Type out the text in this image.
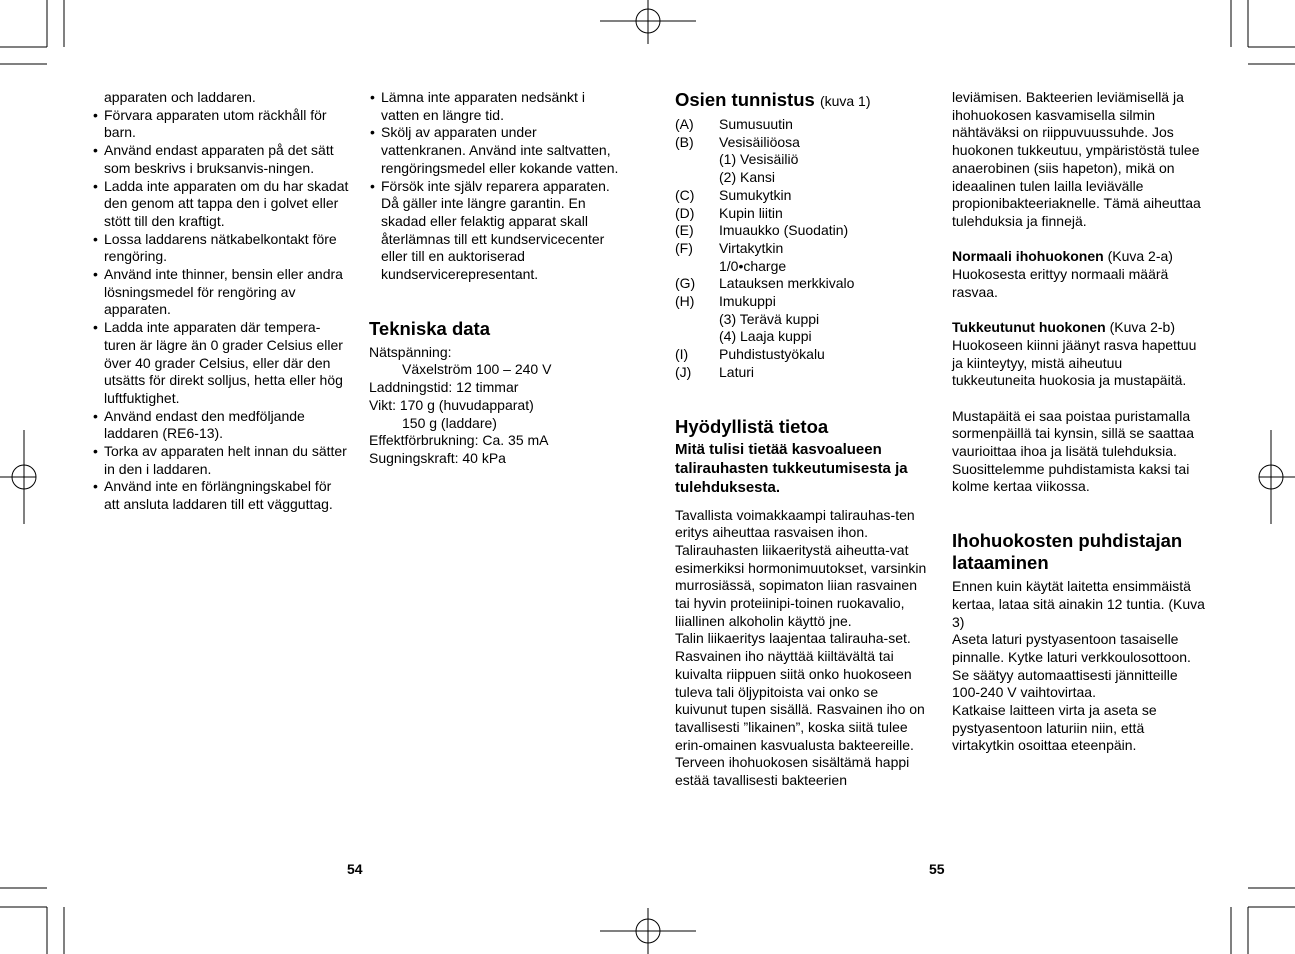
apparaten och laddaren.

• Förvara apparaten utom räckhåll för barn.
• Använd endast apparaten på det sätt som beskrivs i bruksanvis-ningen.
• Ladda inte apparaten om du har skadat den genom att tappa den i golvet eller stött till den kraftigt.
• Lossa laddarens nätkabelkontakt före rengöring.
• Använd inte thinner, bensin eller andra lösningsmedel för rengöring av apparaten.
• Ladda inte apparaten där tempera-turen är lägre än 0 grader Celsius eller över 40 grader Celsius, eller där den utsätts för direkt solljus, hetta eller hög luftfuktighet.
• Använd endast den medföljande laddaren (RE6-13).
• Torka av apparaten helt innan du sätter in den i laddaren.
• Använd inte en förlängningskabel för att ansluta laddaren till ett vägguttag.
• Lämna inte apparaten nedsänkt i vatten en längre tid.
• Skölj av apparaten under vattenkranen. Använd inte saltvatten, rengöringsmedel eller kokande vatten.
• Försök inte själv reparera apparaten. Då gäller inte längre garantin. En skadad eller felaktig apparat skall återlämnas till ett kundservicecenter eller till en auktoriserad kundservicerepresentant.
Tekniska data

Nätspänning:

Växelström 100 – 240 V

Laddningstid: 12 timmar

Vikt: 170 g (huvudapparat)

150 g (laddare)

Effektförbrukning: Ca. 35 mA

Sugningskraft: 40 kPa

Osien tunnistus (kuva 1)
(A)	Sumusuutin
(B)	Vesisäiliöosa
(1) Vesisäiliö
(2) Kansi
(C)	Sumukytkin
(D)	Kupin liitin
(E)	Imuaukko (Suodatin)
(F)	Virtakytkin
1/0•charge
(G)	Latauksen merkkivalo
(H)	Imukuppi
(3) Terävä kuppi
(4) Laaja kuppi
(I)	Puhdistustyökalu
(J)	Laturi
Hyödyllistä tietoa
Mitä tulisi tietää kasvoalueen talirauhasten tukkeutumisesta ja tulehduksesta.

Tavallista voimakkaampi talirauhas-ten eritys aiheuttaa rasvaisen ihon. Talirauhasten liikaeritystä aiheutta-vat esimerkiksi hormonimuutokset, varsinkin murrosiässä, sopimaton liian rasvainen tai hyvin proteiinipi-toinen ruokavalio, liiallinen alkoholin käyttö jne.

Talin liikaeritys laajentaa talirauha-set. Rasvainen iho näyttää kiiltävältä tai kuivalta riippuen siitä onko huokoseen tuleva tali öljypitoista vai onko se kuivunut tupen sisällä. Rasvainen iho on tavallisesti ”likainen”, koska siitä tulee erin-omainen kasvualusta bakteereille. Terveen ihohuokosen sisältämä happi estää tavallisesti bakteerien

leviämisen. Bakteerien leviämisellä ja ihohuokosen kasvamisella silmin nähtäväksi on riippuvuussuhde. Jos huokonen tukkeutuu, ympäristöstä tulee anaerobinen (siis hapeton), mikä on ideaalinen tulen lailla leviävälle propionibakteeriaknelle. Tämä aiheuttaa tulehduksia ja finnejä.

Normaali ihohuokonen (Kuva 2-a)

Huokosesta erittyy normaali määrä rasvaa.

Tukkeutunut huokonen (Kuva 2-b)

Huokoseen kiinni jäänyt rasva hapettuu ja kiinteytyy, mistä aiheutuu tukkeutuneita huokosia ja mustapäitä.

Mustapäitä ei saa poistaa puristamalla sormenpäillä tai kynsin, sillä se saattaa vaurioittaa ihoa ja lisätä tulehduksia. Suosittelemme puhdistamista kaksi tai kolme kertaa viikossa.

Ihohuokosten puhdistajan lataaminen

Ennen kuin käytät laitetta ensimmäistä kertaa, lataa sitä ainakin 12 tuntia. (Kuva 3)

Aseta laturi pystyasentoon tasaiselle pinnalle. Kytke laturi verkkoulosottoon. Se säätyy automaattisesti jännitteille 100-240 V vaihtovirtaa.

Katkaise laitteen virta ja aseta se pystyasentoon laturiin niin, että virtakytkin osoittaa eteenpäin.

54	55
